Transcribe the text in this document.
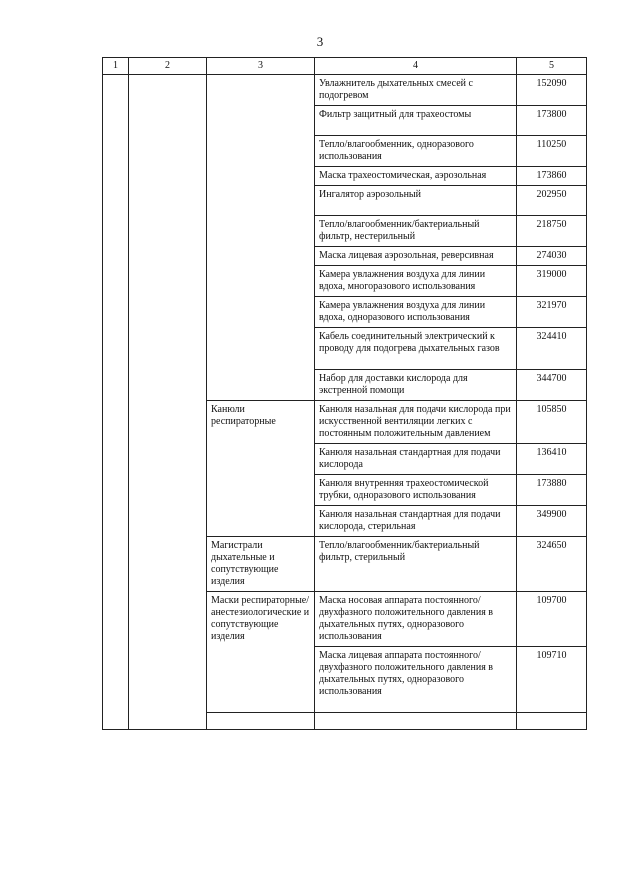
3
1	2	3	4	5
			Увлажнитель дыхательных смесей с подогревом	152090
			Фильтр защитный для трахеостомы	173800
			Тепло/влагообменник, одноразового использования	110250
			Маска трахеостомическая, аэрозольная	173860
			Ингалятор аэрозольный	202950
			Тепло/влагообменник/бактериальный фильтр, нестерильный	218750
			Маска лицевая аэрозольная, реверсивная	274030
			Камера увлажнения воздуха для линии вдоха, многоразового использования	319000
			Камера увлажнения воздуха для линии вдоха, одноразового использования	321970
			Кабель соединительный электрический к проводу для подогрева дыхательных газов	324410
			Набор для доставки кислорода для экстренной помощи	344700
		Канюли респираторные	Канюля назальная для подачи кислорода при искусственной вентиляции легких с постоянным положительным давлением	105850
			Канюля назальная стандартная для подачи кислорода	136410
			Канюля внутренняя трахеостомической трубки, одноразового использования	173880
			Канюля назальная стандартная для подачи кислорода, стерильная	349900
		Магистрали дыхательные и сопутствующие изделия	Тепло/влагообменник/бактериальный фильтр, стерильный	324650
		Маски респираторные/анестезиологические и сопутствующие изделия	Маска носовая аппарата постоянного/двухфазного положительного давления в дыхательных путях, одноразового использования	109700
			Маска лицевая аппарата постоянного/двухфазного положительного давления в дыхательных путях, одноразового использования	109710
